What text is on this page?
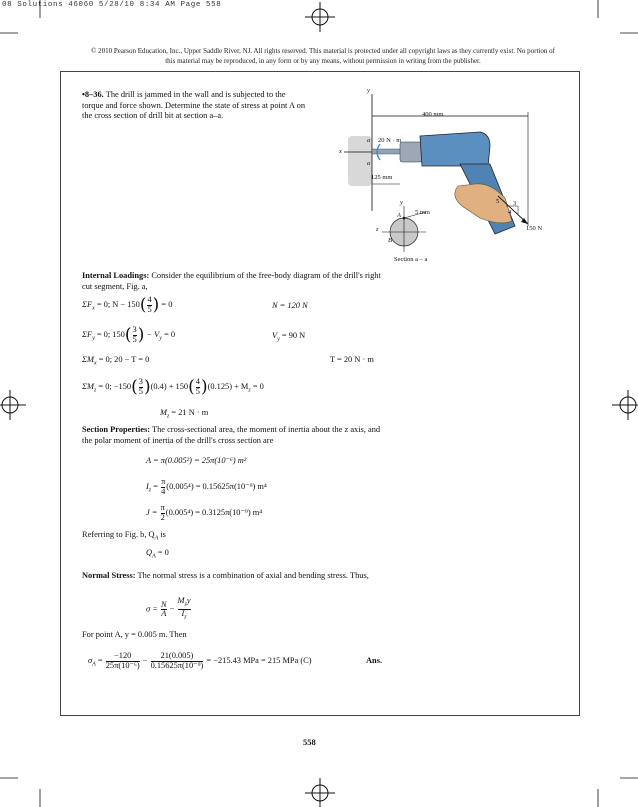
08 Solutions 46060 5/28/10 8:34 AM Page 558
© 2010 Pearson Education, Inc., Upper Saddle River, NJ. All rights reserved. This material is protected under all copyright laws as they currently exist. No portion of this material may be reproduced, in any form or by any means, without permission in writing from the publisher.
•8–36. The drill is jammed in the wall and is subjected to the torque and force shown. Determine the state of stress at point A on the cross section of drill bit at section a–a.
y
x
400 mm
a 20 N · m
a
125 mm
3
4
5
150 N
y
A 5 mm
z
B
Section a – a
Internal Loadings: Consider the equilibrium of the free-body diagram of the drill's right cut segment, Fig. a,
$\Sigma F_x = 0$; $N - 150( \frac{4}{5}$ ) = 0	N = 120 N
$\Sigma F_y = 0$; $150( \frac{3}{5}$ ) − $V_y = 0$	$V_y = 90$ N
$\Sigma M_x = 0$; 20 − T = 0	T = 20 N · m
$\Sigma M_z = 0$; $-150( \frac{3}{5} )(0.4) + 150( \frac{4}{5} )(0.125) + M_z = 0$
$M_z = 21$ N · m
Section Properties: The cross-sectional area, the moment of inertia about the z axis, and the polar moment of inertia of the drill's cross section are
A = π(0.005²) = 25π(10⁻⁶) m²
$I_z = \frac{\pi}{4} (0.005^4) = 0.15625\pi(10^{-9})$ m⁴
$J = \frac{\pi}{2} (0.005^4) = 0.3125\pi(10^{-9})$ m⁴
Referring to Fig. b, $Q_A$ is
$Q_A = 0$
Normal Stress: The normal stress is a combination of axial and bending stress. Thus,
$\sigma = \frac{N}{A} - \frac{M_zy}{I_z}$
For point A, y = 0.005 m. Then
$\sigma_A = \frac{-120}{\text{25π(10⁻⁶)}} - \frac{21(0.005)}{\text{0.15625π(10⁻⁹)}} = -215.43$ MPa = 215 MPa (C)	Ans.
558
